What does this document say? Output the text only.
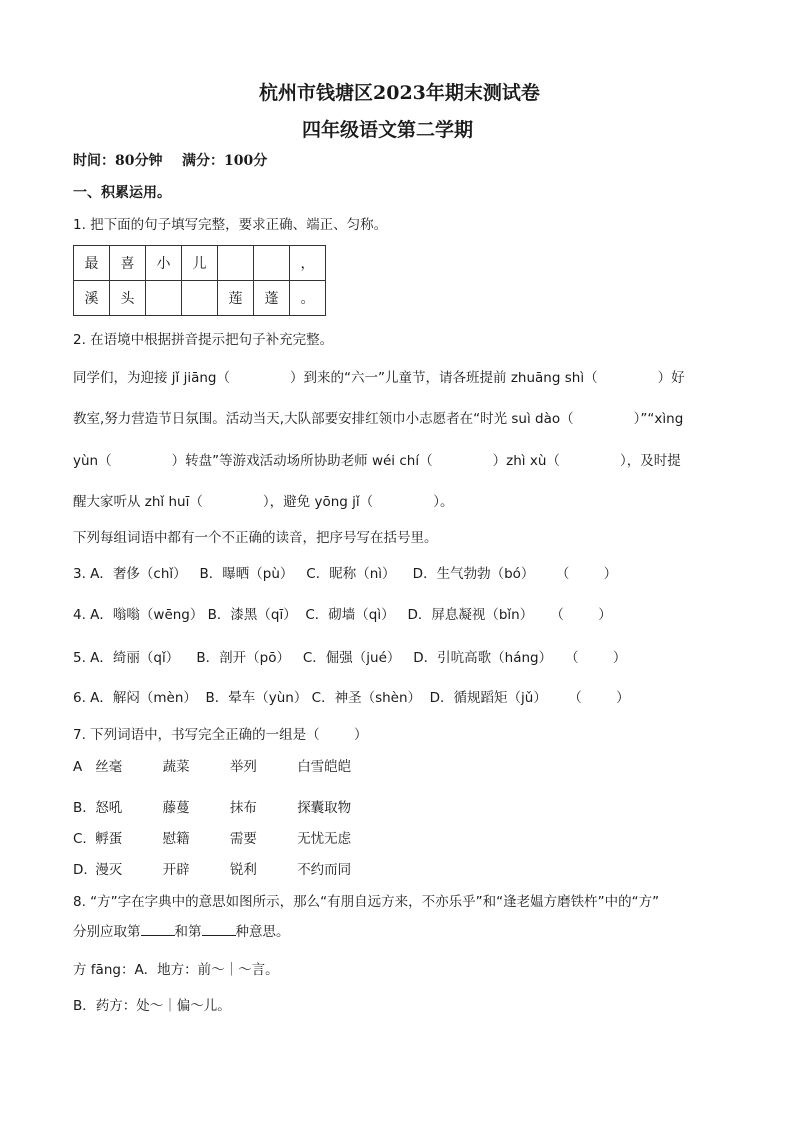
杭州市钱塘区2023年期末测试卷
四年级语文第二学期
时间：80分钟    满分：100分
一、积累运用。
1. 把下面的句子填写完整，要求正确、端正、匀称。
最	喜	小	儿			，
溪	头			莲	蓬	。
2. 在语境中根据拼音提示把句子补充完整。
同学们，为迎接 jǐ jiāng（              ）到来的“六一”儿童节，请各班提前 zhuāng shì（              ）好
教室,努力营造节日氛围。活动当天,大队部要安排红领巾小志愿者在“时光 suì dào（              ）”“xìng
yùn（              ）转盘”等游戏活动场所协助老师 wéi chí（              ）zhì xù（              ），及时提
醒大家听从 zhǐ huī（              ），避免 yōng jǐ（              ）。
下列每组词语中都有一个不正确的读音，把序号写在括号里。
3. A．奢侈（chǐ）   B．曝晒（pù）   C．昵称（nì）    D．生气勃勃（bó）     （        ）
4. A．嗡嗡（wēng） B．漆黑（qī）  C．砌墙（qì）   D．屏息凝视（bǐn）    （        ）
5. A．绮丽（qǐ）    B．剖开（pō）   C．倔强（jué）   D．引吭高歌（háng）   （        ）
6. A．解闷（mèn）  B．晕车（yùn） C．神圣（shèn）  D．循规蹈矩（jǔ）     （        ）
7. 下列词语中，书写完全正确的一组是（        ）
A 丝毫	蔬菜	举列	白雪皑皑
B. 怒吼	藤蔓	抹布	探囊取物
C. 孵蛋	慰籍	需要	无忧无虑
D. 漫灭	开辟	锐利	不约而同
8. “方”字在字典中的意思如图所示，那么“有朋自远方来，不亦乐乎”和“逢老媪方磨铁杵”中的“方”
分别应取第	和第	种意思。
方 fāng：A．地方：前～｜～言。
B．药方：处～｜偏～儿。
